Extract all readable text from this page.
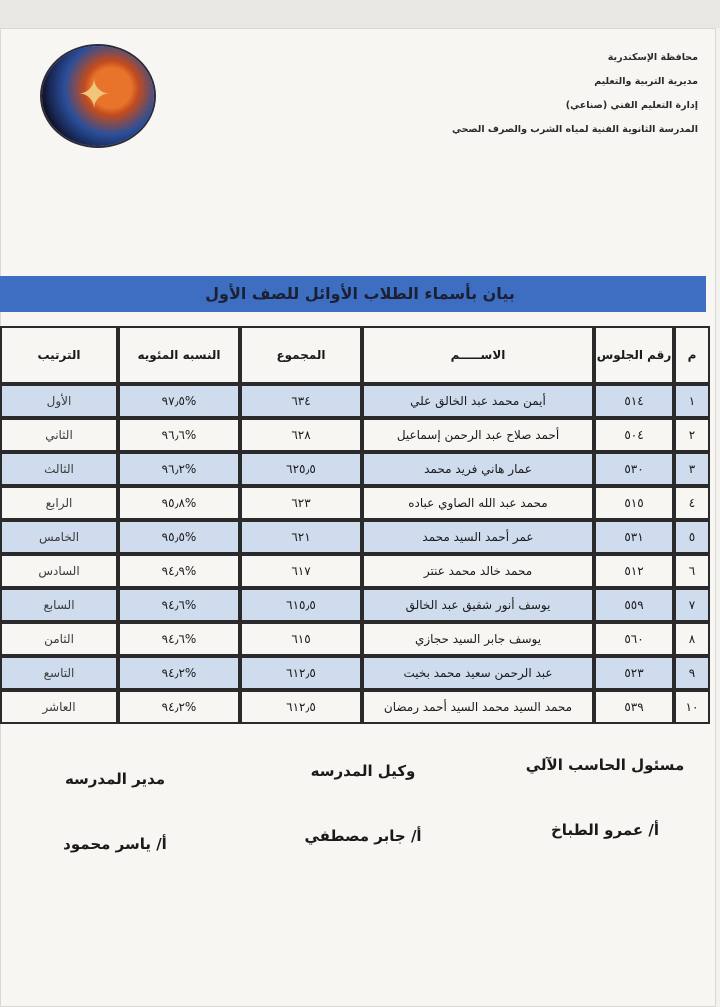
✦
محافظة الإسكندرية
مديرية التربية والتعليم
إدارة التعليم الفني (صناعي)
المدرسة الثانوية الفنية لمياه الشرب والصرف الصحي
بيان بأسماء الطلاب الأوائل للصف الأول
م	رقم الجلوس	الاســـــم	المجموع	النسبه المئويه	الترتيب
١	٥١٤	أيمن محمد عبد الخالق علي	٦٣٤	%٩٧٫٥	الأول
٢	٥٠٤	أحمد صلاح عبد الرحمن إسماعيل	٦٢٨	%٩٦٫٦	الثاني
٣	٥٣٠	عمار هاني فريد محمد	٦٢٥٫٥	%٩٦٫٢	الثالث
٤	٥١٥	محمد عبد الله الصاوي عباده	٦٢٣	%٩٥٫٨	الرابع
٥	٥٣١	عمر أحمد السيد محمد	٦٢١	%٩٥٫٥	الخامس
٦	٥١٢	محمد خالد محمد عنتر	٦١٧	%٩٤٫٩	السادس
٧	٥٥٩	يوسف أنور شفيق عبد الخالق	٦١٥٫٥	%٩٤٫٦	السابع
٨	٥٦٠	يوسف جابر السيد حجازي	٦١٥	%٩٤٫٦	الثامن
٩	٥٢٣	عبد الرحمن سعيد محمد بخيت	٦١٢٫٥	%٩٤٫٢	التاسع
١٠	٥٣٩	محمد السيد محمد السيد أحمد رمضان	٦١٢٫٥	%٩٤٫٢	العاشر
مسئول الحاسب الآلي
أ/ عمرو الطباخ
وكيل المدرسه
أ/ جابر مصطفي
مدير المدرسه
أ/ ياسر محمود
